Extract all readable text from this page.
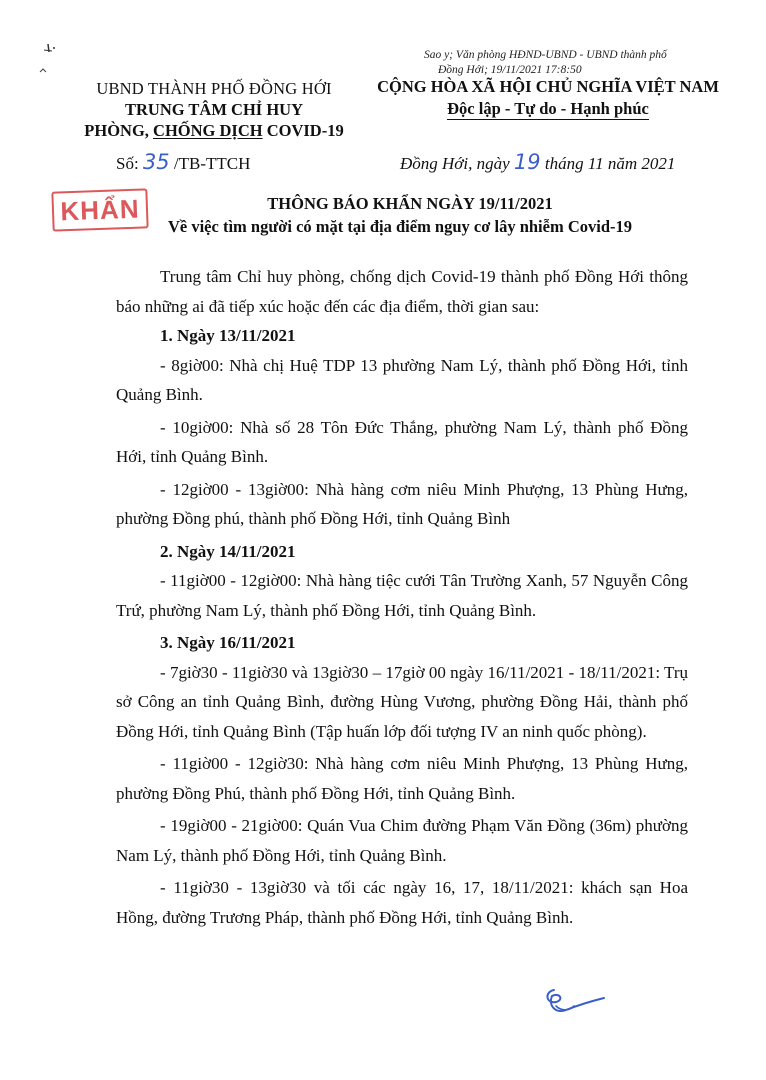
Sao y; Văn phòng HĐND-UBND - UBND thành phố
Đồng Hới; 19/11/2021 17:8:50
UBND THÀNH PHỐ ĐỒNG HỚI
TRUNG TÂM CHỈ HUY
PHÒNG, CHỐNG DỊCH COVID-19
CỘNG HÒA XÃ HỘI CHỦ NGHĨA VIỆT NAM
Độc lập - Tự do - Hạnh phúc
Số: 35 /TB-TTCH	Đồng Hới, ngày 19 tháng 11 năm 2021
KHẨN	THÔNG BÁO KHẨN NGÀY 19/11/2021
Về việc tìm người có mặt tại địa điểm nguy cơ lây nhiễm Covid-19

Trung tâm Chỉ huy phòng, chống dịch Covid-19 thành phố Đồng Hới thông báo những ai đã tiếp xúc hoặc đến các địa điểm, thời gian sau:

1. Ngày 13/11/2021

- 8giờ00: Nhà chị Huệ TDP 13 phường Nam Lý, thành phố Đồng Hới, tỉnh Quảng Bình.

- 10giờ00: Nhà số 28 Tôn Đức Thắng, phường Nam Lý, thành phố Đồng Hới, tỉnh Quảng Bình.

- 12giờ00 - 13giờ00: Nhà hàng cơm niêu Minh Phượng, 13 Phùng Hưng, phường Đồng phú, thành phố Đồng Hới, tỉnh Quảng Bình

2. Ngày 14/11/2021

- 11giờ00 - 12giờ00: Nhà hàng tiệc cưới Tân Trường Xanh, 57 Nguyễn Công Trứ, phường Nam Lý, thành phố Đồng Hới, tỉnh Quảng Bình.

3. Ngày 16/11/2021

- 7giờ30 - 11giờ30 và 13giờ30 – 17giờ 00 ngày 16/11/2021 - 18/11/2021: Trụ sở Công an tỉnh Quảng Bình, đường Hùng Vương, phường Đồng Hải, thành phố Đồng Hới, tỉnh Quảng Bình (Tập huấn lớp đối tượng IV an ninh quốc phòng).

- 11giờ00 - 12giờ30: Nhà hàng cơm niêu Minh Phượng, 13 Phùng Hưng, phường Đồng Phú, thành phố Đồng Hới, tỉnh Quảng Bình.

- 19giờ00 - 21giờ00: Quán Vua Chim đường Phạm Văn Đồng (36m) phường Nam Lý, thành phố Đồng Hới, tỉnh Quảng Bình.

- 11giờ30 - 13giờ30 và tối các ngày 16, 17, 18/11/2021: khách sạn Hoa Hồng, đường Trương Pháp, thành phố Đồng Hới, tỉnh Quảng Bình.
